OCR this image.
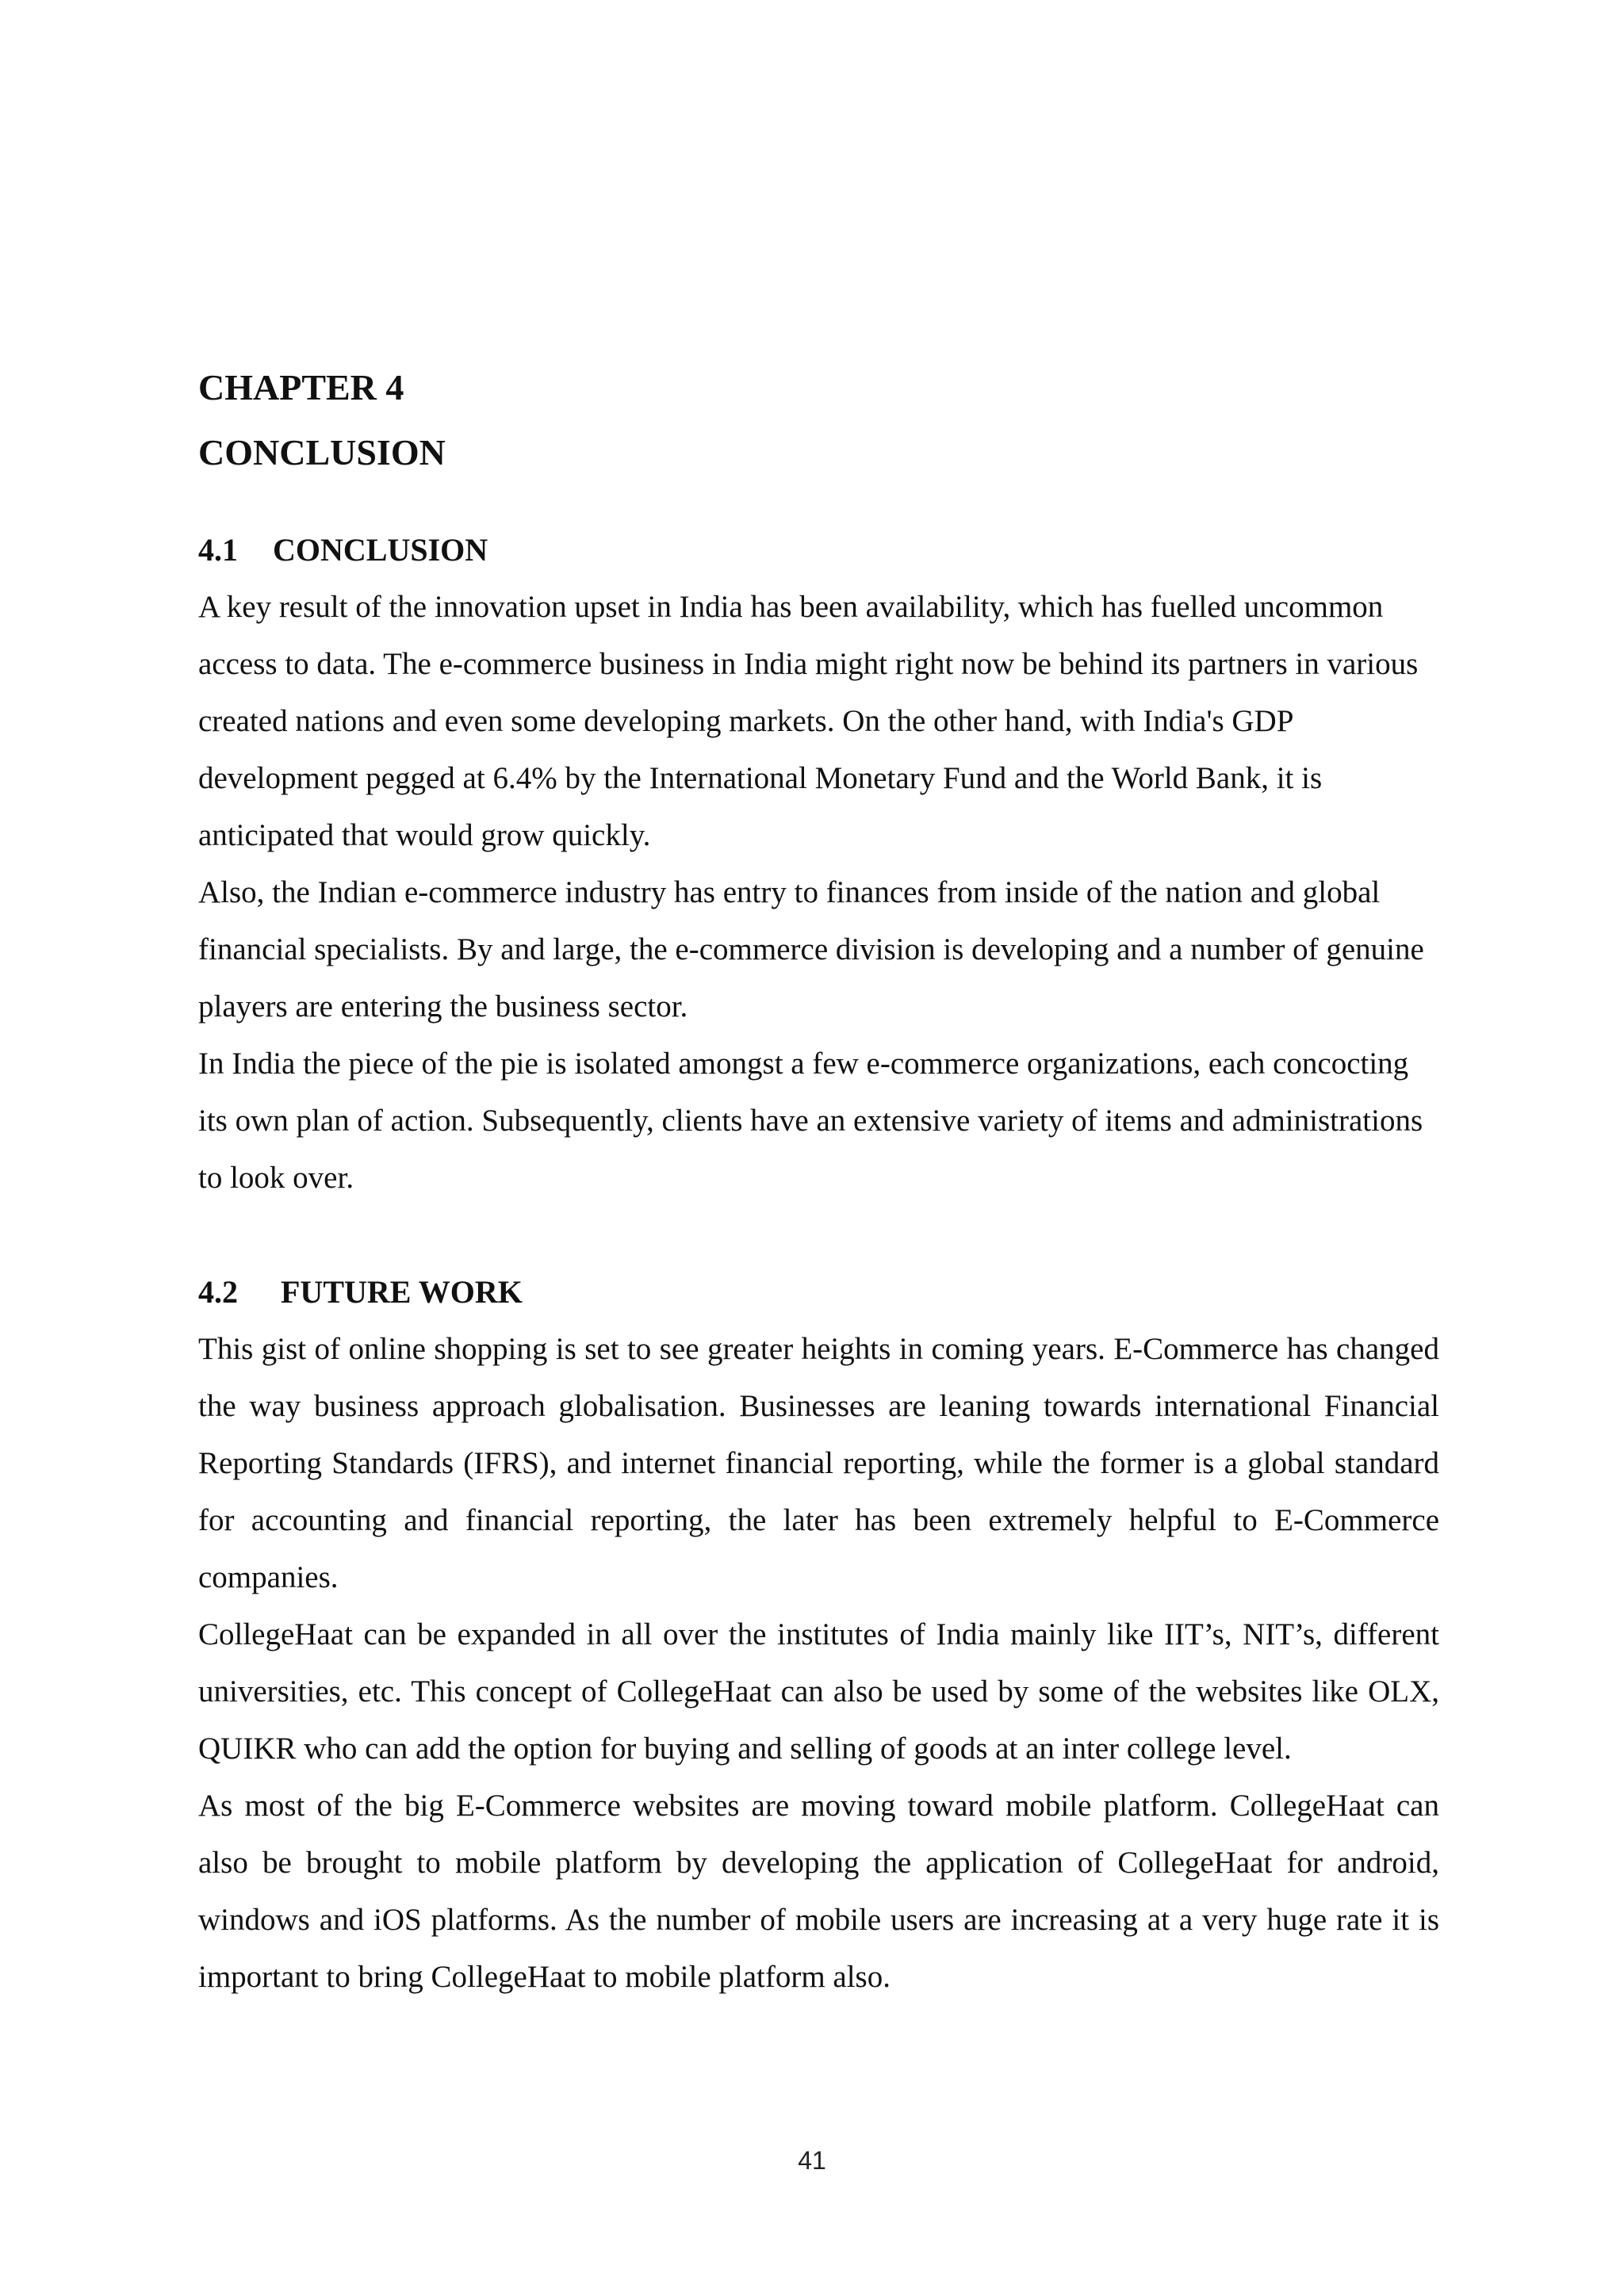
CHAPTER 4
CONCLUSION
4.1	CONCLUSION

A key result of the innovation upset in India has been availability, which has fuelled uncommon access to data. The e-commerce business in India might right now be behind its partners in various created nations and even some developing markets. On the other hand, with India's GDP development pegged at 6.4% by the International Monetary Fund and the World Bank, it is anticipated that would grow quickly.

Also, the Indian e-commerce industry has entry to finances from inside of the nation and global financial specialists. By and large, the e-commerce division is developing and a number of genuine players are entering the business sector.

In India the piece of the pie is isolated amongst a few e-commerce organizations, each concocting its own plan of action. Subsequently, clients have an extensive variety of items and administrations to look over.

4.2	FUTURE WORK

This gist of online shopping is set to see greater heights in coming years. E-Commerce has changed the way business approach globalisation. Businesses are leaning towards international Financial Reporting Standards (IFRS), and internet financial reporting, while the former is a global standard for accounting and financial reporting, the later has been extremely helpful to E-Commerce companies.

CollegeHaat can be expanded in all over the institutes of India mainly like IIT’s, NIT’s, different universities, etc. This concept of CollegeHaat can also be used by some of the websites like OLX, QUIKR who can add the option for buying and selling of goods at an inter college level.

As most of the big E-Commerce websites are moving toward mobile platform. CollegeHaat can also be brought to mobile platform by developing the application of CollegeHaat for android, windows and iOS platforms. As the number of mobile users are increasing at a very huge rate it is important to bring CollegeHaat to mobile platform also.

41
